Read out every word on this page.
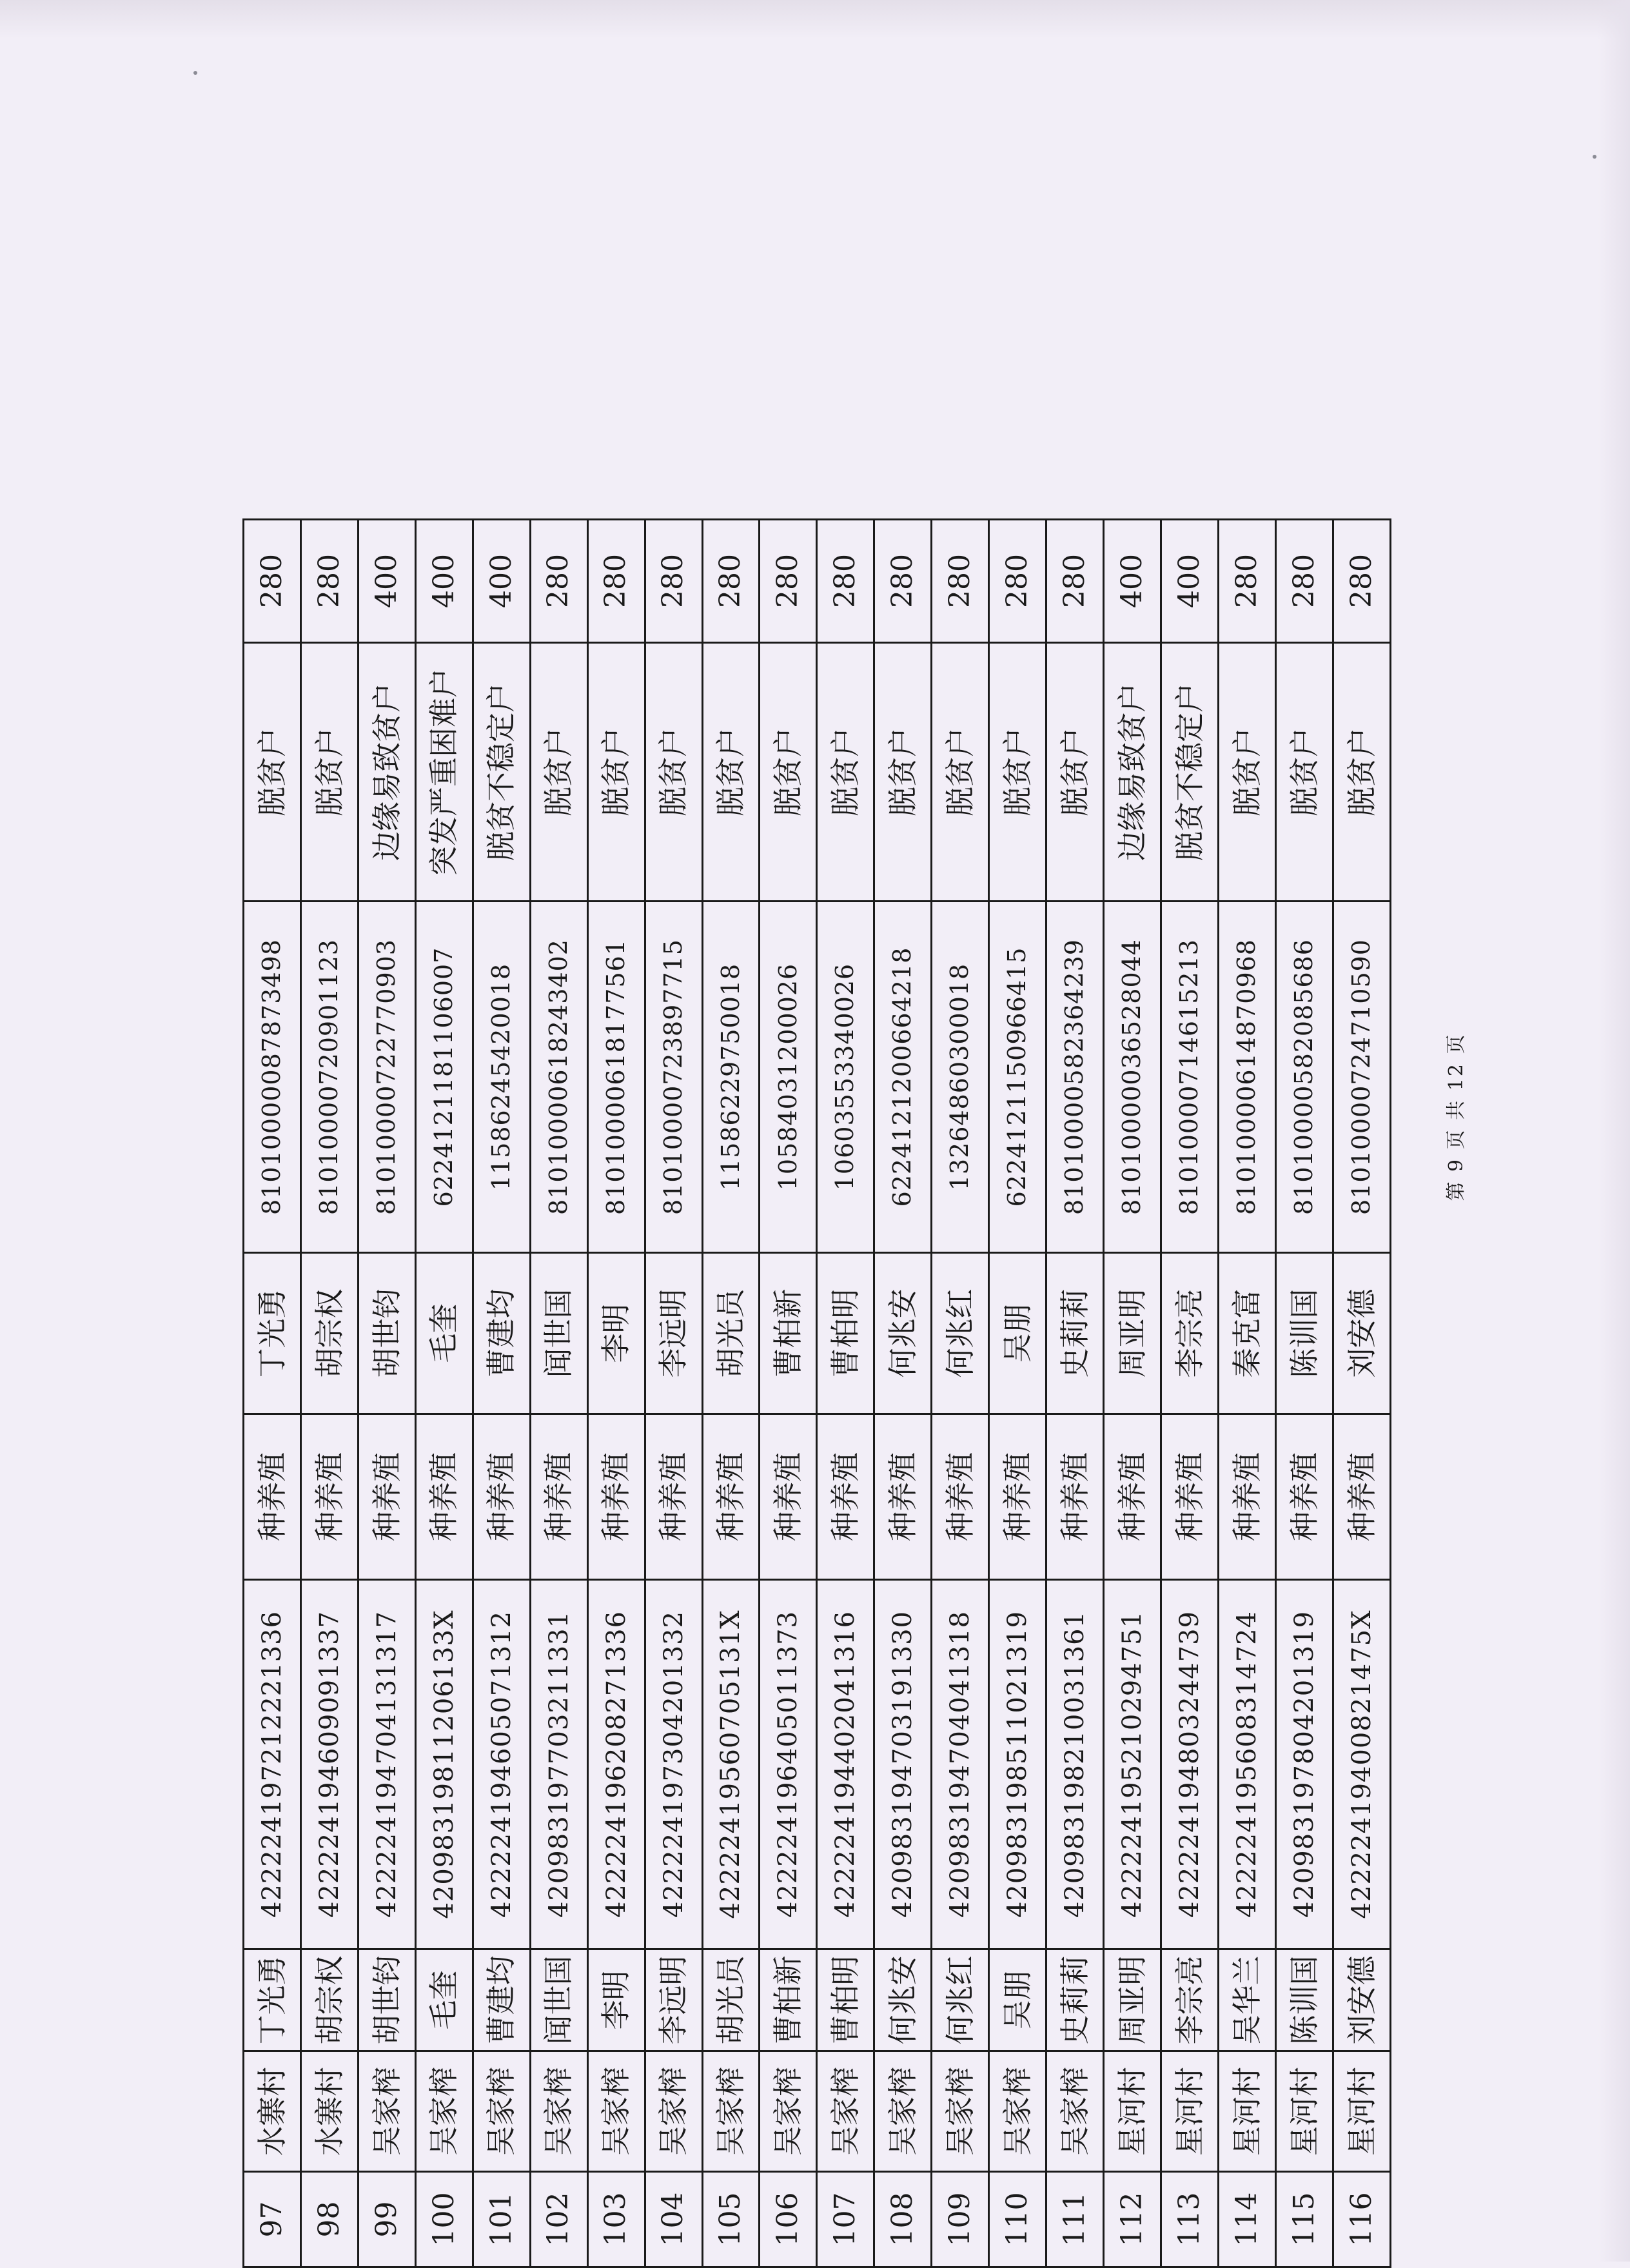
97	水寨村	丁光勇	422224197212221336	种养殖	丁光勇	81010000087873498	脱贫户	280
98	水寨村	胡宗权	422224194609091337	种养殖	胡宗权	81010000720901123	脱贫户	280
99	吴家榨	胡世钧	422224194704131317	种养殖	胡世钧	81010000722770903	边缘易致贫户	400
100	吴家榨	毛奎	42098319811206133X	种养殖	毛奎	6224121181106007	突发严重困难户	400
101	吴家榨	曹建均	422224194605071312	种养殖	曹建均	11586245420018	脱贫不稳定户	400
102	吴家榨	闻世国	420983197703211331	种养殖	闻世国	81010000618243402	脱贫户	280
103	吴家榨	李明	422224196208271336	种养殖	李明	81010000618177561	脱贫户	280
104	吴家榨	李远明	422224197304201332	种养殖	李远明	81010000723897715	脱贫户	280
105	吴家榨	胡光员	42222419560705131X	种养殖	胡光员	11586229750018	脱贫户	280
106	吴家榨	曹柏新	422224196405011373	种养殖	曹柏新	10584031200026	脱贫户	280
107	吴家榨	曹柏明	422224194402041316	种养殖	曹柏明	10603553340026	脱贫户	280
108	吴家榨	何兆安	420983194703191330	种养殖	何兆安	6224121200664218	脱贫户	280
109	吴家榨	何兆红	420983194704041318	种养殖	何兆红	13264860300018	脱贫户	280
110	吴家榨	吴朋	420983198511021319	种养殖	吴朋	6224121150966415	脱贫户	280
111	吴家榨	史莉莉	420983198210031361	种养殖	史莉莉	81010000582364239	脱贫户	280
112	星河村	周亚明	422224195210294751	种养殖	周亚明	81010000036528044	边缘易致贫户	400
113	星河村	李宗亮	422224194803244739	种养殖	李宗亮	81010000714615213	脱贫不稳定户	400
114	星河村	吴华兰	422224195608314724	种养殖	秦克富	81010000614870968	脱贫户	280
115	星河村	陈训国	420983197804201319	种养殖	陈训国	81010000582085686	脱贫户	280
116	星河村	刘安德	42222419400821475X	种养殖	刘安德	81010000724710590	脱贫户	280
第 9 页 共 12 页
